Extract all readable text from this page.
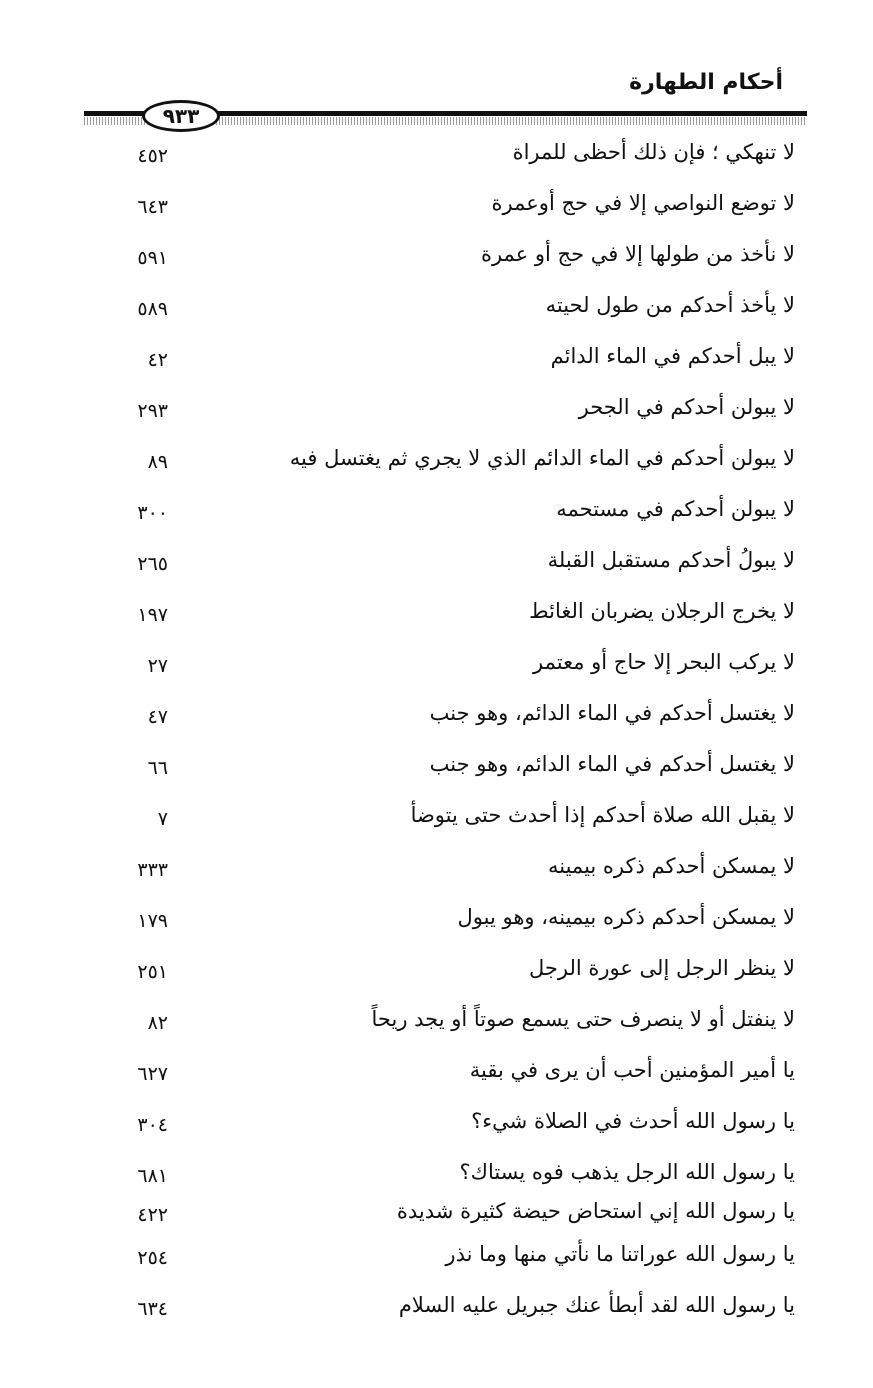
أحكام الطهارة
٩٣٣
لا تنهكي ؛ فإن ذلك أحظى للمراة
٤٥٢
لا توضع النواصي إلا في حج أوعمرة
٦٤٣
لا نأخذ من طولها إلا في حج أو عمرة
٥٩١
لا يأخذ أحدكم من طول لحيته
٥٨٩
لا يبل أحدكم في الماء الدائم
٤٢
لا يبولن أحدكم في الجحر
٢٩٣
لا يبولن أحدكم في الماء الدائم الذي لا يجري ثم يغتسل فيه
٨٩
لا يبولن أحدكم في مستحمه
٣٠٠
لا يبولُ أحدكم مستقبل القبلة
٢٦٥
لا يخرج الرجلان يضربان الغائط
١٩٧
لا يركب البحر إلا حاج أو معتمر
٢٧
لا يغتسل أحدكم في الماء الدائم، وهو جنب
٤٧
لا يغتسل أحدكم في الماء الدائم، وهو جنب
٦٦
لا يقبل الله صلاة أحدكم إذا أحدث حتى يتوضأ
٧
لا يمسكن أحدكم ذكره بيمينه
٣٣٣
لا يمسكن أحدكم ذكره بيمينه، وهو يبول
١٧٩
لا ينظر الرجل إلى عورة الرجل
٢٥١
لا ينفتل أو لا ينصرف حتى يسمع صوتاً أو يجد ريحاً
٨٢
يا أمير المؤمنين أحب أن يرى في بقية
٦٢٧
يا رسول الله أحدث في الصلاة شيء؟
٣٠٤
يا رسول الله الرجل يذهب فوه يستاك؟
٦٨١
يا رسول الله إني استحاض حيضة كثيرة شديدة
٤٢٢
يا رسول الله عوراتنا ما نأتي منها وما نذر
٢٥٤
يا رسول الله لقد أبطأ عنك جبريل عليه السلام
٦٣٤
